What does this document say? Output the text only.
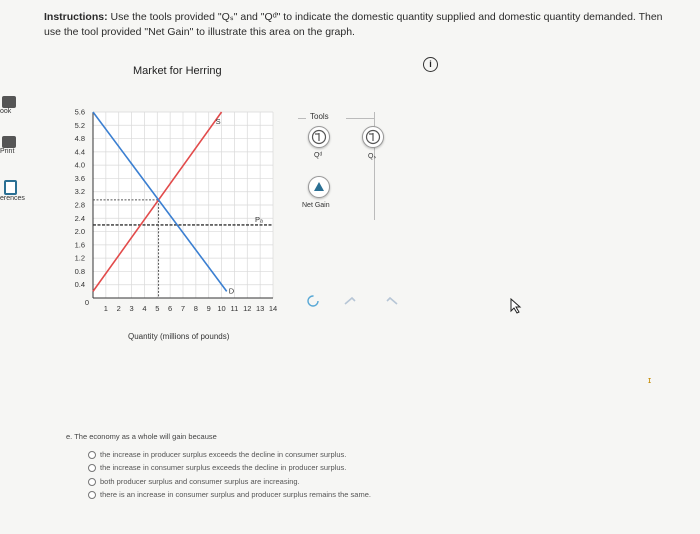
ook
Print
erences
Instructions: Use the tools provided "Qₛ" and "Qᵈ" to indicate the domestic quantity supplied and domestic quantity demanded. Then use the tool provided "Net Gain" to illustrate this area on the graph.
i
Market for Herring
Quantity (millions of pounds)
0.4
0.8
1.2
1.6
2.0
2.4
2.8
3.2
3.6
4.0
4.4
4.8
5.2
5.6
0
1 2 3 4 5 6 7 8 9 10 11 12 13 14
Pₐ
S
D
Tools
Qᵈ	Qₛ
Net Gain
ɪ
e. The economy as a whole will gain because
the increase in producer surplus exceeds the decline in consumer surplus.
the increase in consumer surplus exceeds the decline in producer surplus.
both producer surplus and consumer surplus are increasing.
there is an increase in consumer surplus and producer surplus remains the same.
